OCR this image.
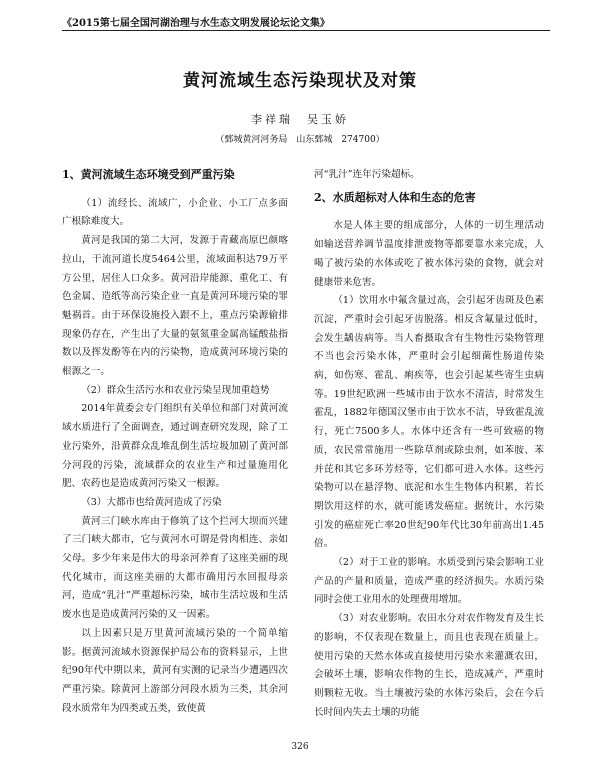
《2015第七届全国河湖治理与水生态文明发展论坛论文集》
黄河流域生态污染现状及对策
李祥瑞　吴玉娇
（鄄城黄河河务局　山东鄄城　274700）

1、黄河流域生态环境受到严重污染

（1）流经长、流域广，小企业、小工厂点多面广根除难度大。

黄河是我国的第二大河，发源于青藏高原巴颜喀拉山，干流河道长度5464公里，流域面积达79万平方公里，居住人口众多。黄河沿岸能源、重化工、有色金属、造纸等高污染企业一直是黄河环境污染的罪魁祸首。由于环保设施投入跟不上，重点污染源偷排现象仍存在，产生出了大量的氨氮重金属高锰酸盐指数以及挥发酚等在内的污染物，造成黄河环境污染的根源之一。

（2）群众生活污水和农业污染呈现加重趋势

2014年黄委会专门组织有关单位和部门对黄河流域水质进行了全面调查，通过调查研究发现，除了工业污染外，沿黄群众乱堆乱倒生活垃圾加剧了黄河部分河段的污染，流域群众的农业生产和过量施用化肥、农药也是造成黄河污染又一根源。

（3）大都市也给黄河造成了污染

黄河三门峡水库由于修筑了这个拦河大坝而兴建了三门峡大都市，它与黄河水可谓是骨肉相连、亲如父母。多少年来是伟大的母亲河养育了这座美丽的现代化城市，而这座美丽的大都市确用污水回报母亲河，造成“乳汁”严重超标污染，城市生活垃圾和生活废水也是造成黄河污染的又一因素。

以上因素只是万里黄河流域污染的一个简单缩影。据黄河流域水资源保护局公布的资料显示，上世纪90年代中期以来，黄河有实测的记录当少遭遇四次严重污染。除黄河上游部分河段水质为三类，其余河段水质常年为四类或五类，致使黄

河“乳汁”连年污染超标。

2、水质超标对人体和生态的危害

水是人体主要的组成部分，人体的一切生理活动如输送营养调节温度排泄废物等都要靠水来完成，人喝了被污染的水体或吃了被水体污染的食物，就会对健康带来危害。

（1）饮用水中氟含量过高，会引起牙齿斑及色素沉淀，严重时会引起牙齿脱落。相反含氟量过低时，会发生龋齿病等。当人畜摄取含有生物性污染物管理不当也会污染水体，严重时会引起细菌性肠道传染病，如伤寒、霍乱、痢疾等，也会引起某些寄生虫病等。19世纪欧洲一些城市由于饮水不清洁，时常发生霍乱，1882年德国汉堡市由于饮水不洁，导致霍乱流行，死亡7500多人。水体中还含有一些可致癌的物质，农民常常施用一些除草剂或除虫剂，如苯胺、苯并芘和其它多环芳烃等，它们都可进入水体。这些污染物可以在悬浮物、底泥和水生生物体内积累，若长期饮用这样的水，就可能诱发癌症。据统计，水污染引发的癌症死亡率20世纪90年代比30年前高出1.45倍。

（2）对于工业的影响。水质受到污染会影响工业产品的产量和质量，造成严重的经济损失。水质污染同时会使工业用水的处理费用增加。

（3）对农业影响。农田水分对农作物发育及生长的影响，不仅表现在数量上，而且也表现在质量上。使用污染的天然水体或直接使用污染水来灌溉农田，会破坏土壤，影响农作物的生长，造成减产，严重时则颗粒无收。当土壤被污染的水体污染后，会在今后长时间内失去土壤的功能

326
